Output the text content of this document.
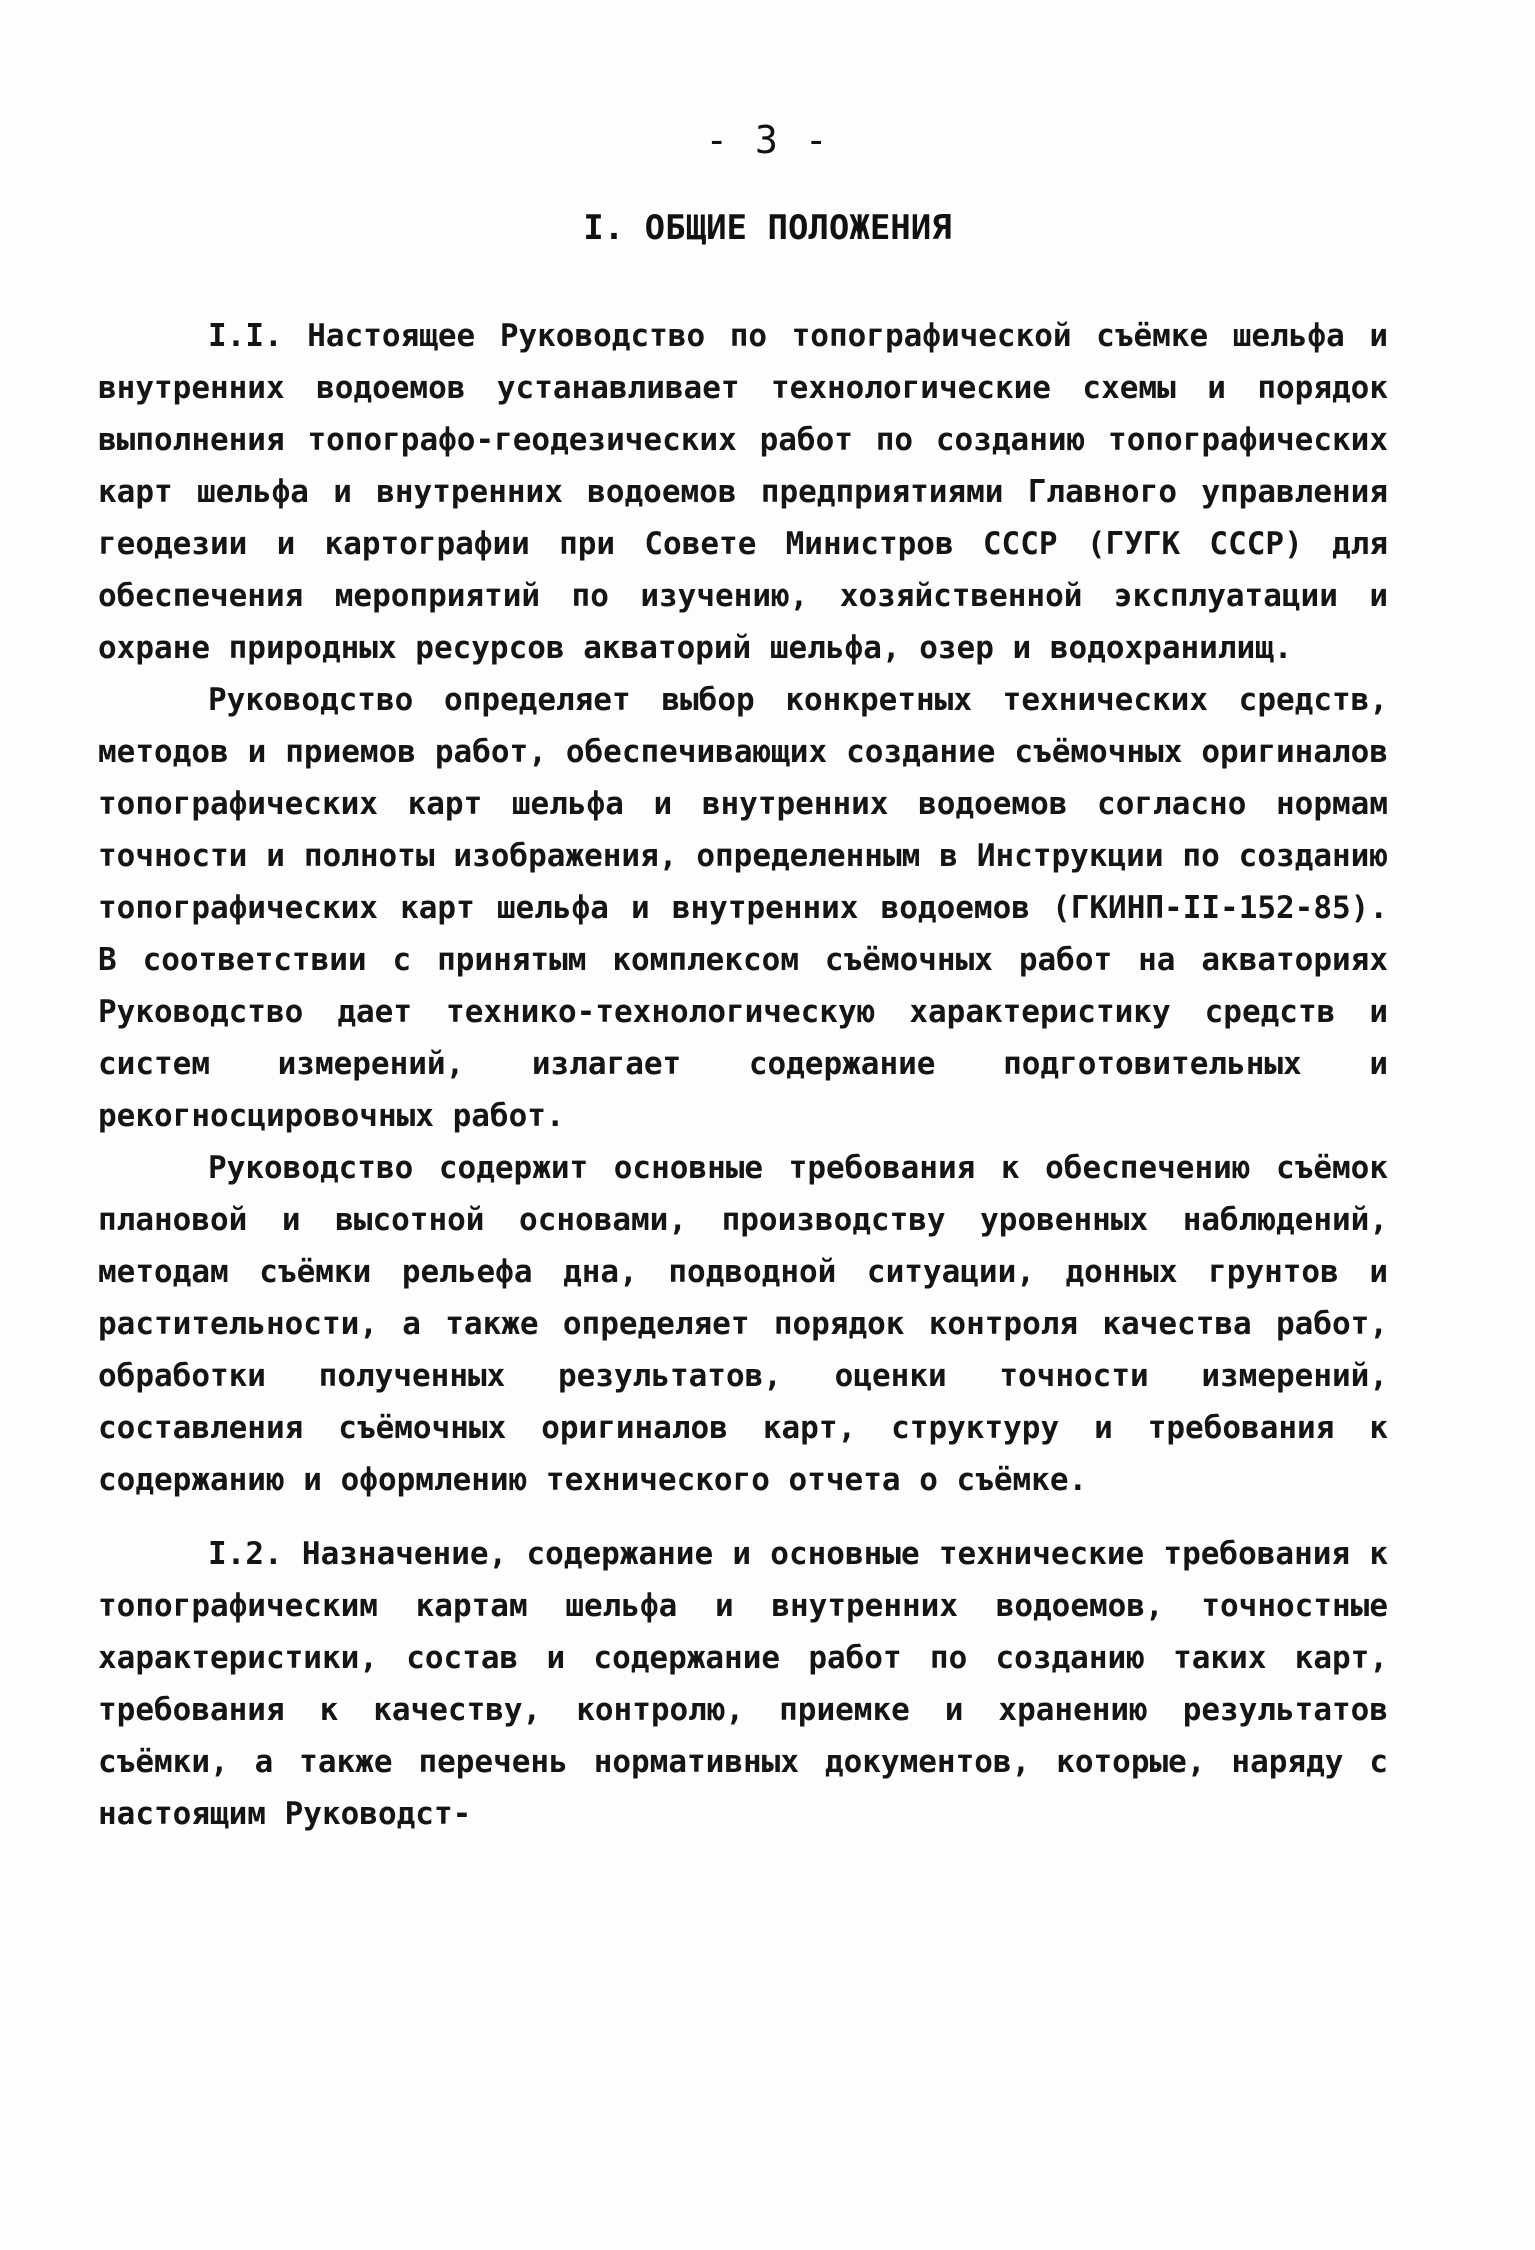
- 3 -
I. ОБЩИЕ ПОЛОЖЕНИЯ

I.I. Настоящее Руководство по топографической съёмке шельфа и внутренних водоемов устанавливает технологические схемы и порядок выполнения топографо-геодезических работ по созданию топографических карт шельфа и внутренних водоемов предприятиями Главного управления геодезии и картографии при Совете Министров СССР (ГУГК СССР) для обеспечения мероприятий по изучению, хозяйственной эксплуатации и охране природных ресурсов акваторий шельфа, озер и водохранилищ.

Руководство определяет выбор конкретных технических средств, методов и приемов работ, обеспечивающих создание съёмочных оригиналов топографических карт шельфа и внутренних водоемов согласно нормам точности и полноты изображения, определенным в Инструкции по созданию топографических карт шельфа и внутренних водоемов (ГКИНП-II-152-85). В соответствии с принятым комплексом съёмочных работ на акваториях Руководство дает технико-технологическую характеристику средств и систем измерений, излагает содержание подготовительных и рекогносцировочных работ.

Руководство содержит основные требования к обеспечению съёмок плановой и высотной основами, производству уровенных наблюдений, методам съёмки рельефа дна, подводной ситуации, донных грунтов и растительности, а также определяет порядок контроля качества работ, обработки полученных результатов, оценки точности измерений, составления съёмочных оригиналов карт, структуру и требования к содержанию и оформлению технического отчета о съёмке.

I.2. Назначение, содержание и основные технические требования к топографическим картам шельфа и внутренних водоемов, точностные характеристики, состав и содержание работ по созданию таких карт, требования к качеству, контролю, приемке и хранению результатов съёмки, а также перечень нормативных документов, которые, наряду с настоящим Руководст-
